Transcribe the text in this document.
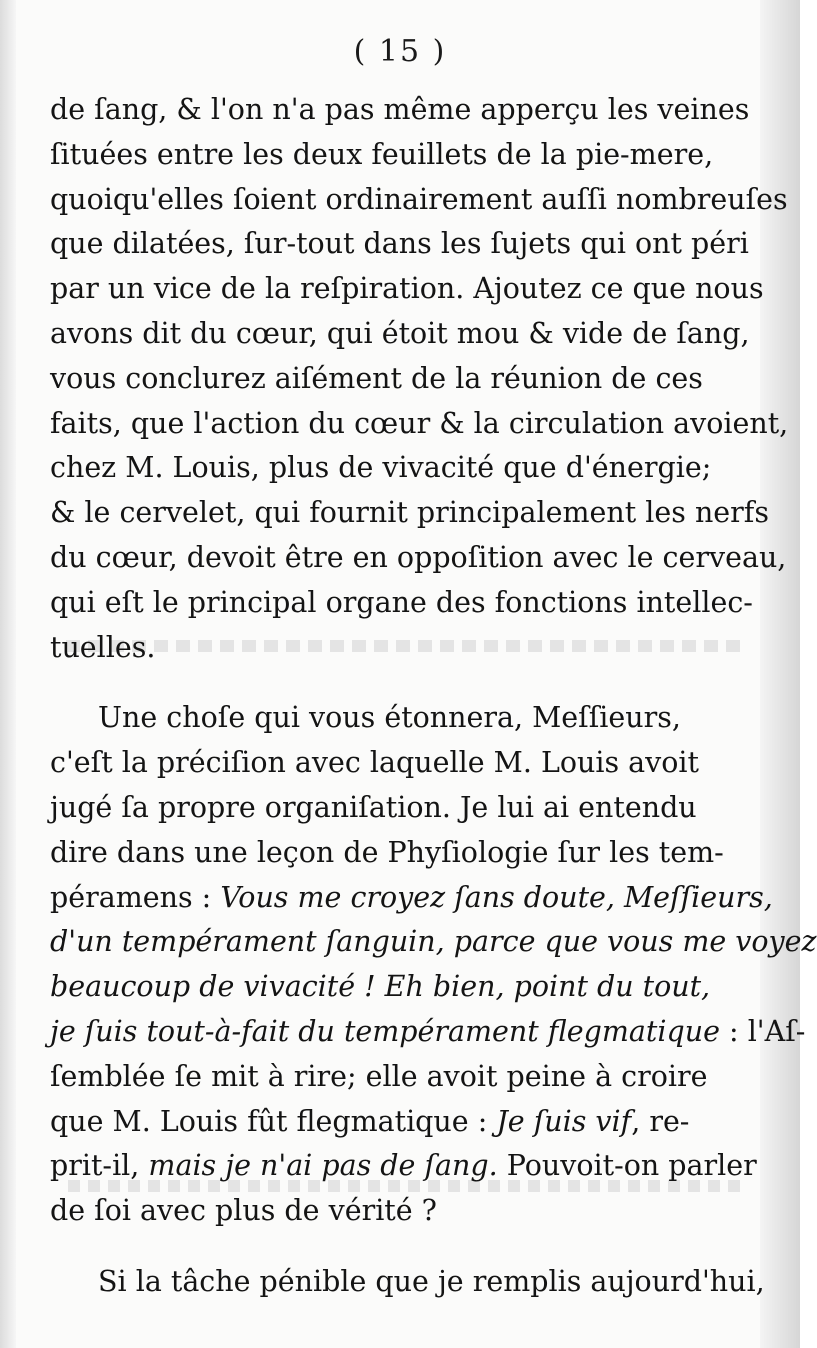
( 15 )
de ſang, & l'on n'a pas même apperçu les veines
ſituées entre les deux feuillets de la pie-mere,
quoiqu'elles ſoient ordinairement auſſi nombreuſes
que dilatées, ſur-tout dans les ſujets qui ont péri
par un vice de la reſpiration. Ajoutez ce que nous
avons dit du cœur, qui étoit mou & vide de ſang,
vous conclurez aiſément de la réunion de ces
faits, que l'action du cœur & la circulation avoient,
chez M. Louis, plus de vivacité que d'énergie;
& le cervelet, qui fournit principalement les nerfs
du cœur, devoit être en oppoſition avec le cerveau,
qui eſt le principal organe des fonctions intellec-
tuelles.
Une choſe qui vous étonnera, Meſſieurs,
c'eſt la préciſion avec laquelle M. Louis avoit
jugé ſa propre organiſation. Je lui ai entendu
dire dans une leçon de Phyſiologie ſur les tem-
péramens : Vous me croyez ſans doute, Meſſieurs,
d'un tempérament ſanguin, parce que vous me voyez
beaucoup de vivacité ! Eh bien, point du tout,
je ſuis tout-à-fait du tempérament flegmatique : l'Aſ-
ſemblée ſe mit à rire; elle avoit peine à croire
que M. Louis fût flegmatique : Je ſuis vif, re-
prit-il, mais je n'ai pas de ſang. Pouvoit-on parler
de ſoi avec plus de vérité ?
Si la tâche pénible que je remplis aujourd'hui,
